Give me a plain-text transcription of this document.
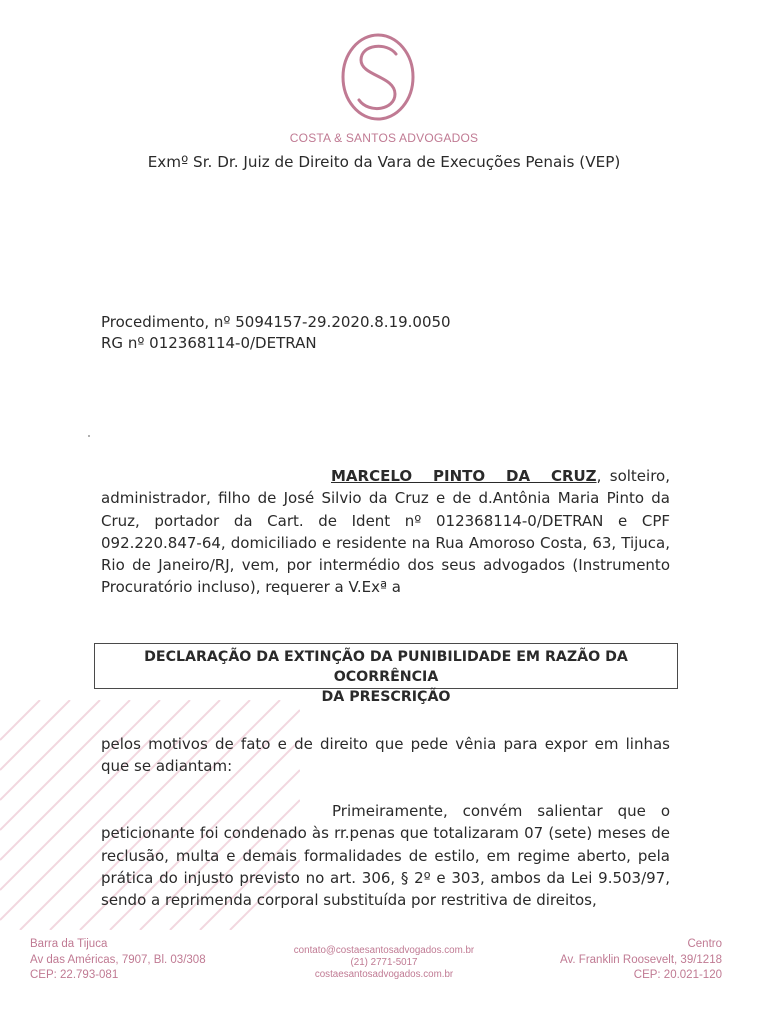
COSTA & SANTOS ADVOGADOS
Exmº Sr. Dr. Juiz de Direito da Vara de Execuções Penais (VEP)
Procedimento, nº 5094157-29.2020.8.19.0050
RG nº 012368114-0/DETRAN
MARCELO PINTO DA CRUZ, solteiro, administrador, filho de José Silvio da Cruz e de d.Antônia Maria Pinto da Cruz, portador da Cart. de Ident nº 012368114-0/DETRAN e CPF 092.220.847-64, domiciliado e residente na Rua Amoroso Costa, 63, Tijuca, Rio de Janeiro/RJ, vem, por intermédio dos seus advogados (Instrumento Procuratório incluso), requerer a V.Exª a
DECLARAÇÃO DA EXTINÇÃO DA PUNIBILIDADE EM RAZÃO DA OCORRÊNCIA
DA PRESCRIÇÃO
pelos motivos de fato e de direito que pede vênia para expor em linhas que se adiantam:
Primeiramente, convém salientar que o peticionante foi condenado às rr.penas que totalizaram 07 (sete) meses de reclusão, multa e demais formalidades de estilo, em regime aberto, pela prática do injusto previsto no art. 306, § 2º e 303, ambos da Lei 9.503/97, sendo a reprimenda corporal substituída por restritiva de direitos,
Barra da Tijuca
Av das Américas, 7907, Bl. 03/308
CEP: 22.793-081
contato@costaesantosadvogados.com.br
(21) 2771-5017
costaesantosadvogados.com.br
Centro
Av. Franklin Roosevelt, 39/1218
CEP: 20.021-120
